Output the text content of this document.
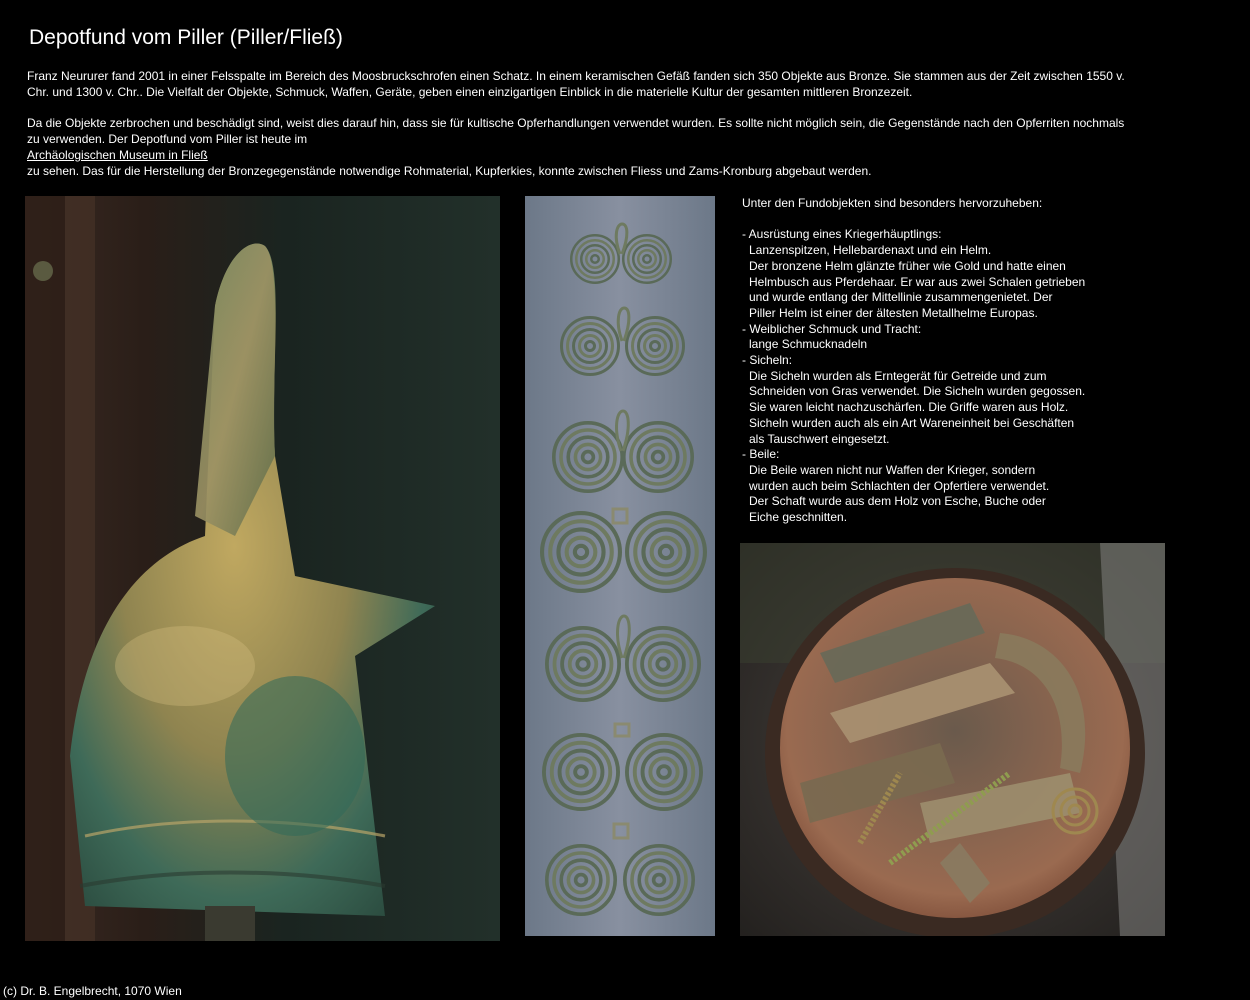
Depotfund vom Piller (Piller/Fließ)

Franz Neururer fand 2001 in einer Felsspalte im Bereich des Moosbruckschrofen einen Schatz. In einem keramischen Gefäß fanden sich 350 Objekte aus Bronze. Sie stammen aus der Zeit zwischen 1550 v. Chr. und 1300 v. Chr.. Die Vielfalt der Objekte, Schmuck, Waffen, Geräte, geben einen einzigartigen Einblick in die materielle Kultur der gesamten mittleren Bronzezeit.

Da die Objekte zerbrochen und beschädigt sind, weist dies darauf hin, dass sie für kultische Opferhandlungen verwendet wurden. Es sollte nicht möglich sein, die Gegenstände nach den Opferriten nochmals zu verwenden. Der Depotfund vom Piller ist heute im

Archäologischen Museum in Fließ

zu sehen. Das für die Herstellung der Bronzegegenstände notwendige Rohmaterial, Kupferkies, konnte zwischen Fliess und Zams-Kronburg abgebaut werden.

Unter den Fundobjekten sind besonders hervorzuheben:

- Ausrüstung eines Kriegerhäuptlings:
Lanzenspitzen, Hellebardenaxt und ein Helm.
Der bronzene Helm glänzte früher wie Gold und hatte einen
Helmbusch aus Pferdehaar. Er war aus zwei Schalen getrieben
und wurde entlang der Mittellinie zusammengenietet. Der
Piller Helm ist einer der ältesten Metallhelme Europas.
- Weiblicher Schmuck und Tracht:
lange Schmucknadeln
- Sicheln:
Die Sicheln wurden als Erntegerät für Getreide und zum
Schneiden von Gras verwendet. Die Sicheln wurden gegossen.
Sie waren leicht nachzuschärfen. Die Griffe waren aus Holz.
Sicheln wurden auch als ein Art Wareneinheit bei Geschäften
als Tauschwert eingesetzt.
- Beile:
Die Beile waren nicht nur Waffen der Krieger, sondern
wurden auch beim Schlachten der Opfertiere verwendet.
Der Schaft wurde aus dem Holz von Esche, Buche oder
Eiche geschnitten.
(c) Dr. B. Engelbrecht, 1070 Wien
